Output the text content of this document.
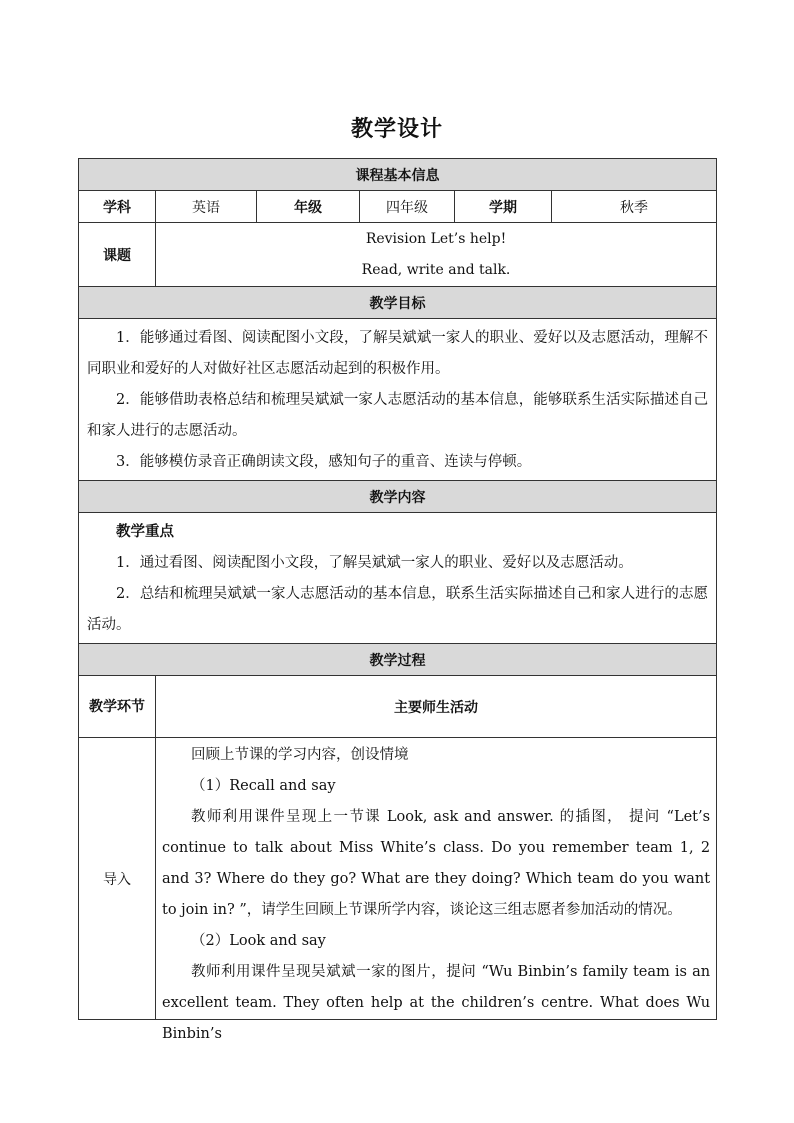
教学设计
课程基本信息					
学科	英语	年级	四年级	学期	秋季
课题	Revision Let’s help!
Read, write and talk.				

教学目标					

1．能够通过看图、阅读配图小文段，了解吴斌斌一家人的职业、爱好以及志愿活动，理解不同职业和爱好的人对做好社区志愿活动起到的积极作用。

2．能够借助表格总结和梳理吴斌斌一家人志愿活动的基本信息，能够联系生活实际描述自己和家人进行的志愿活动。

3．能够模仿录音正确朗读文段，感知句子的重音、连读与停顿。					

教学内容					

教学重点

1．通过看图、阅读配图小文段，了解吴斌斌一家人的职业、爱好以及志愿活动。

2．总结和梳理吴斌斌一家人志愿活动的基本信息，联系生活实际描述自己和家人进行的志愿活动。					

教学过程					
教学环节	主要师生活动				
导入	回顾上节课的学习内容，创设情境

（1）Recall and say

教师利用课件呈现上一节课 Look, ask and answer. 的插图， 提问 “Let’s continue to talk about Miss White’s class. Do you remember team 1, 2 and 3? Where do they go? What are they doing? Which team do you want to join in? ”，请学生回顾上节课所学内容，谈论这三组志愿者参加活动的情况。

（2）Look and say

教师利用课件呈现吴斌斌一家的图片，提问 “Wu Binbin’s family team is an excellent team. They often help at the children’s centre. What does Wu Binbin’s				
